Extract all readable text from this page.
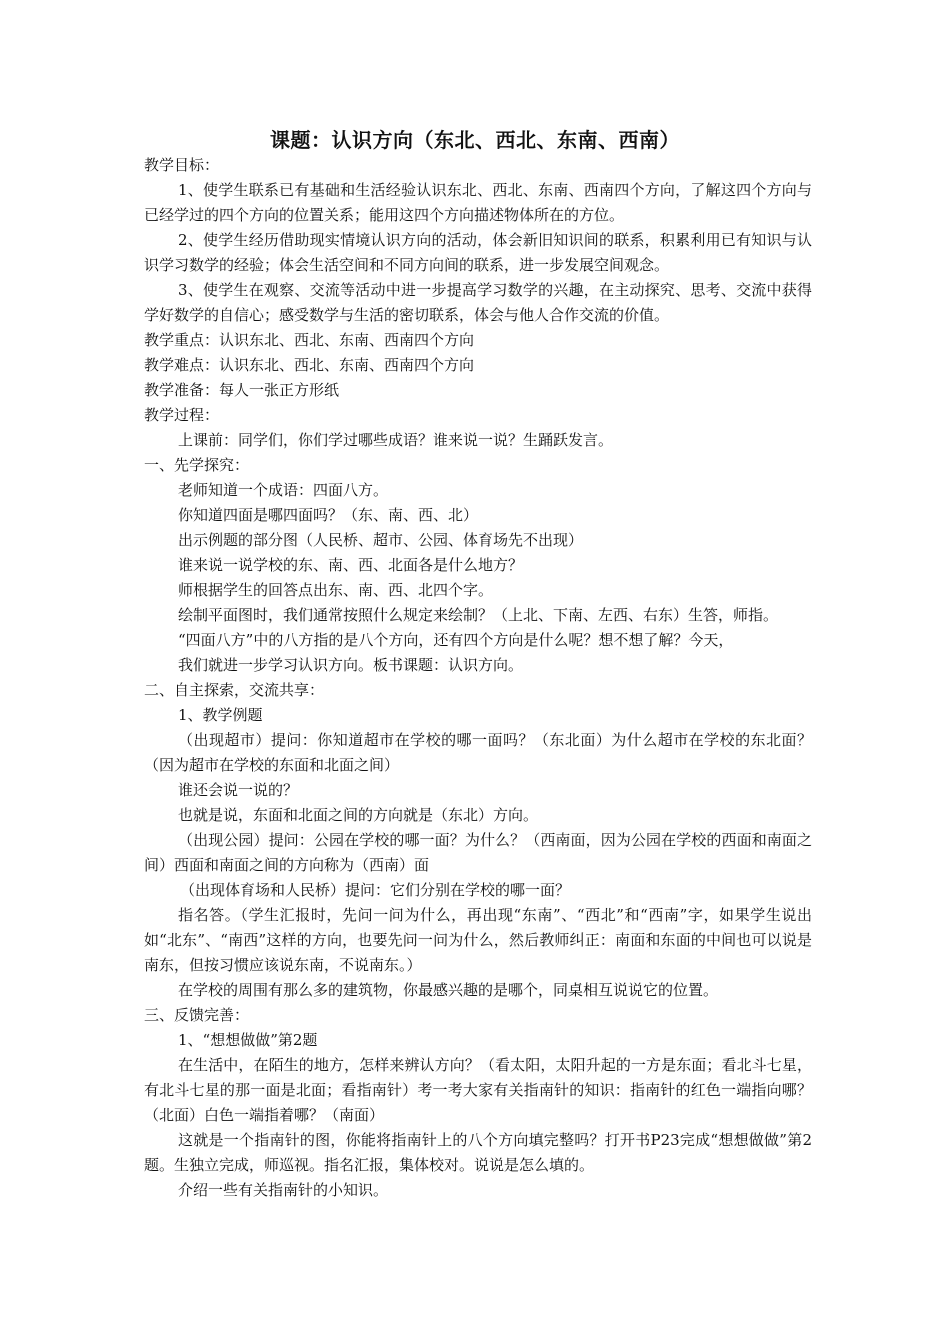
课题：认识方向（东北、西北、东南、西南）

教学目标：

1、使学生联系已有基础和生活经验认识东北、西北、东南、西南四个方向，了解这四个方向与已经学过的四个方向的位置关系；能用这四个方向描述物体所在的方位。

2、使学生经历借助现实情境认识方向的活动，体会新旧知识间的联系，积累利用已有知识与认识学习数学的经验；体会生活空间和不同方向间的联系，进一步发展空间观念。

3、使学生在观察、交流等活动中进一步提高学习数学的兴趣，在主动探究、思考、交流中获得学好数学的自信心；感受数学与生活的密切联系，体会与他人合作交流的价值。

教学重点：认识东北、西北、东南、西南四个方向

教学难点：认识东北、西北、东南、西南四个方向

教学准备：每人一张正方形纸

教学过程：

上课前：同学们，你们学过哪些成语？谁来说一说？生踊跃发言。

一、先学探究：

老师知道一个成语：四面八方。

你知道四面是哪四面吗？（东、南、西、北）

出示例题的部分图（人民桥、超市、公园、体育场先不出现）

谁来说一说学校的东、南、西、北面各是什么地方？

师根据学生的回答点出东、南、西、北四个字。

绘制平面图时，我们通常按照什么规定来绘制？（上北、下南、左西、右东）生答，师指。

“四面八方”中的八方指的是八个方向，还有四个方向是什么呢？想不想了解？今天，

我们就进一步学习认识方向。板书课题：认识方向。

二、自主探索，交流共享：

1、教学例题

（出现超市）提问：你知道超市在学校的哪一面吗？（东北面）为什么超市在学校的东北面？（因为超市在学校的东面和北面之间）

谁还会说一说的？

也就是说，东面和北面之间的方向就是（东北）方向。

（出现公园）提问：公园在学校的哪一面？为什么？（西南面，因为公园在学校的西面和南面之间）西面和南面之间的方向称为（西南）面

（出现体育场和人民桥）提问：它们分别在学校的哪一面？

指名答。（学生汇报时，先问一问为什么，再出现“东南”、“西北”和“西南”字，如果学生说出如“北东”、“南西”这样的方向，也要先问一问为什么，然后教师纠正：南面和东面的中间也可以说是南东，但按习惯应该说东南，不说南东。）

在学校的周围有那么多的建筑物，你最感兴趣的是哪个，同桌相互说说它的位置。

三、反馈完善：

1、“想想做做”第2题

在生活中，在陌生的地方，怎样来辨认方向？（看太阳，太阳升起的一方是东面；看北斗七星，有北斗七星的那一面是北面；看指南针）考一考大家有关指南针的知识：指南针的红色一端指向哪？（北面）白色一端指着哪？（南面）

这就是一个指南针的图，你能将指南针上的八个方向填完整吗？打开书P23完成“想想做做”第2题。生独立完成，师巡视。指名汇报，集体校对。说说是怎么填的。

介绍一些有关指南针的小知识。
